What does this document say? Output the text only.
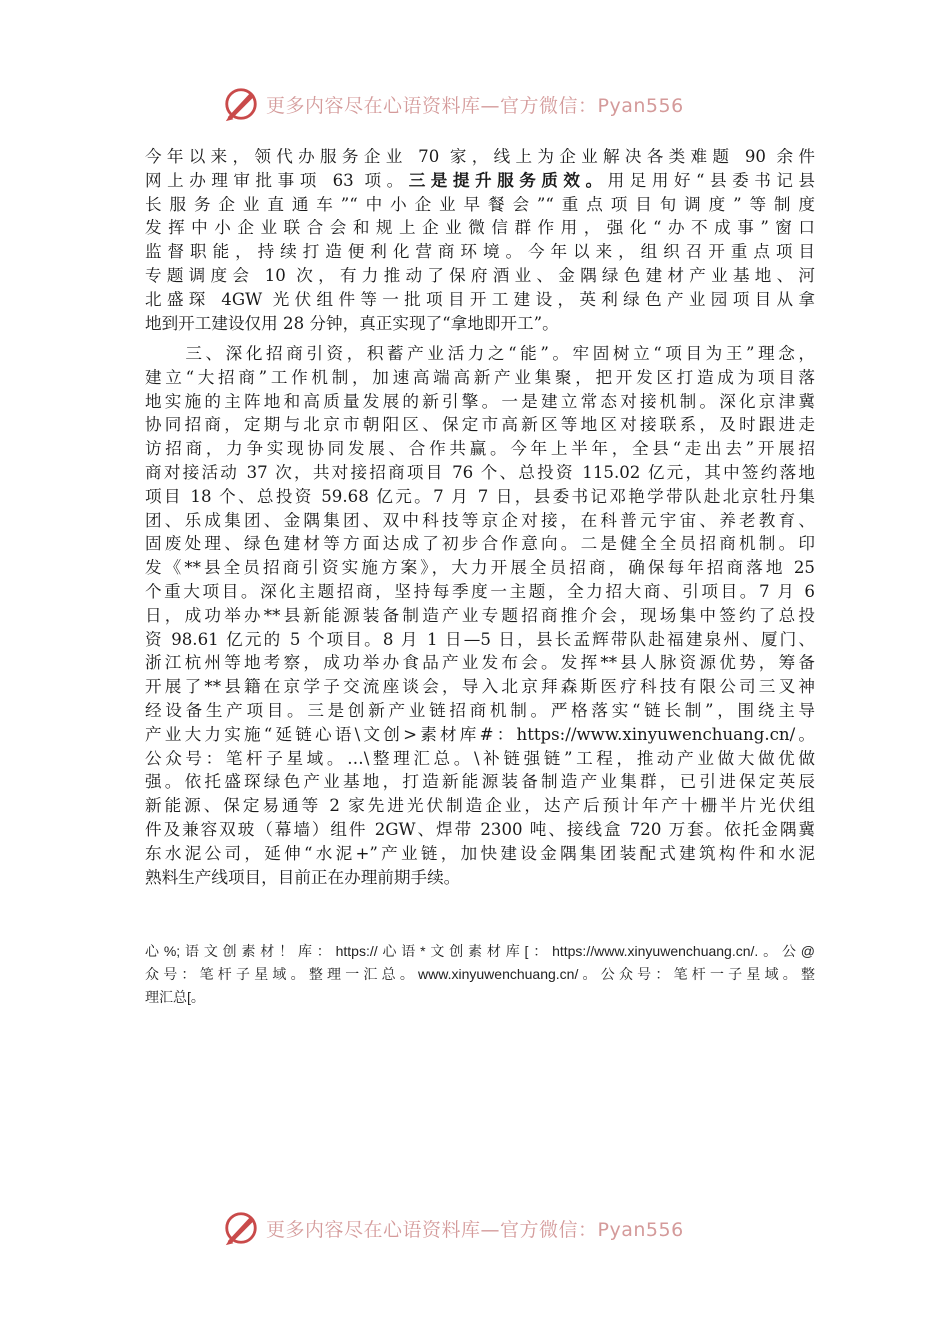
更多内容尽在心语资料库—官方微信：Pyan556
今年以来，领代办服务企业 70 家，线上为企业解决各类难题 90 余件
网上办理审批事项 63 项。三是提升服务质效。用足用好“县委书记县
长服务企业直通车”“中小企业早餐会”“重点项目旬调度”等制度
发挥中小企业联合会和规上企业微信群作用，强化“办不成事”窗口
监督职能，持续打造便利化营商环境。今年以来，组织召开重点项目
专题调度会 10 次，有力推动了保府酒业、金隅绿色建材产业基地、河
北盛琛 4GW 光伏组件等一批项目开工建设，英利绿色产业园项目从拿
地到开工建设仅用 28 分钟，真正实现了“拿地即开工”。
　　三、深化招商引资，积蓄产业活力之“能”。牢固树立“项目为王”理念，
建立“大招商”工作机制，加速高端高新产业集聚，把开发区打造成为项目落
地实施的主阵地和高质量发展的新引擎。一是建立常态对接机制。深化京津冀
协同招商，定期与北京市朝阳区、保定市高新区等地区对接联系，及时跟进走
访招商，力争实现协同发展、合作共赢。今年上半年，全县“走出去”开展招
商对接活动 37 次，共对接招商项目 76 个、总投资 115.02 亿元，其中签约落地
项目 18 个、总投资 59.68 亿元。7 月 7 日，县委书记邓艳学带队赴北京牡丹集
团、乐成集团、金隅集团、双中科技等京企对接，在科普元宇宙、养老教育、
固废处理、绿色建材等方面达成了初步合作意向。二是健全全员招商机制。印
发《**县全员招商引资实施方案》，大力开展全员招商，确保每年招商落地 25
个重大项目。深化主题招商，坚持每季度一主题，全力招大商、引项目。7 月 6
日，成功举办**县新能源装备制造产业专题招商推介会，现场集中签约了总投
资 98.61 亿元的 5 个项目。8 月 1 日—5 日，县长孟辉带队赴福建泉州、厦门、
浙江杭州等地考察，成功举办食品产业发布会。发挥**县人脉资源优势，筹备
开展了**县籍在京学子交流座谈会，导入北京拜森斯医疗科技有限公司三叉神
经设备生产项目。三是创新产业链招商机制。严格落实“链长制”，围绕主导
产业大力实施“延链心语\文创>素材库#：https://www.xinyuwenchuang.cn/。
公众号：笔杆子星域。…\整理汇总。\补链强链”工程，推动产业做大做优做
强。依托盛琛绿色产业基地，打造新能源装备制造产业集群，已引进保定英辰
新能源、保定易通等 2 家先进光伏制造企业，达产后预计年产十栅半片光伏组
件及兼容双玻（幕墙）组件 2GW、焊带 2300 吨、接线盒 720 万套。依托金隅冀
东水泥公司，延伸“水泥+”产业链，加快建设金隅集团装配式建筑构件和水泥
熟料生产线项目，目前正在办理前期手续。
心%;语文创素材！库：https://心语*文创素材库[：https://www.xinyuwenchuang.cn/.。公@
众号：笔杆子星域。整理一汇总。www.xinyuwenchuang.cn/。公众号：笔杆一子星域。整
理汇总[。
更多内容尽在心语资料库—官方微信：Pyan556
